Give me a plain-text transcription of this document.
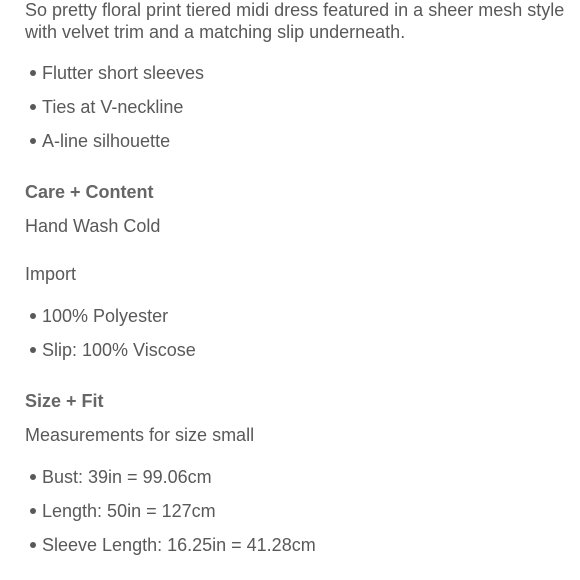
So pretty floral print tiered midi dress featured in a sheer mesh style with velvet trim and a matching slip underneath.

Flutter short sleeves
Ties at V-neckline
A-line silhouette
Care + Content

Hand Wash Cold

Import

100% Polyester
Slip: 100% Viscose
Size + Fit

Measurements for size small

Bust: 39in = 99.06cm
Length: 50in = 127cm
Sleeve Length: 16.25in = 41.28cm
